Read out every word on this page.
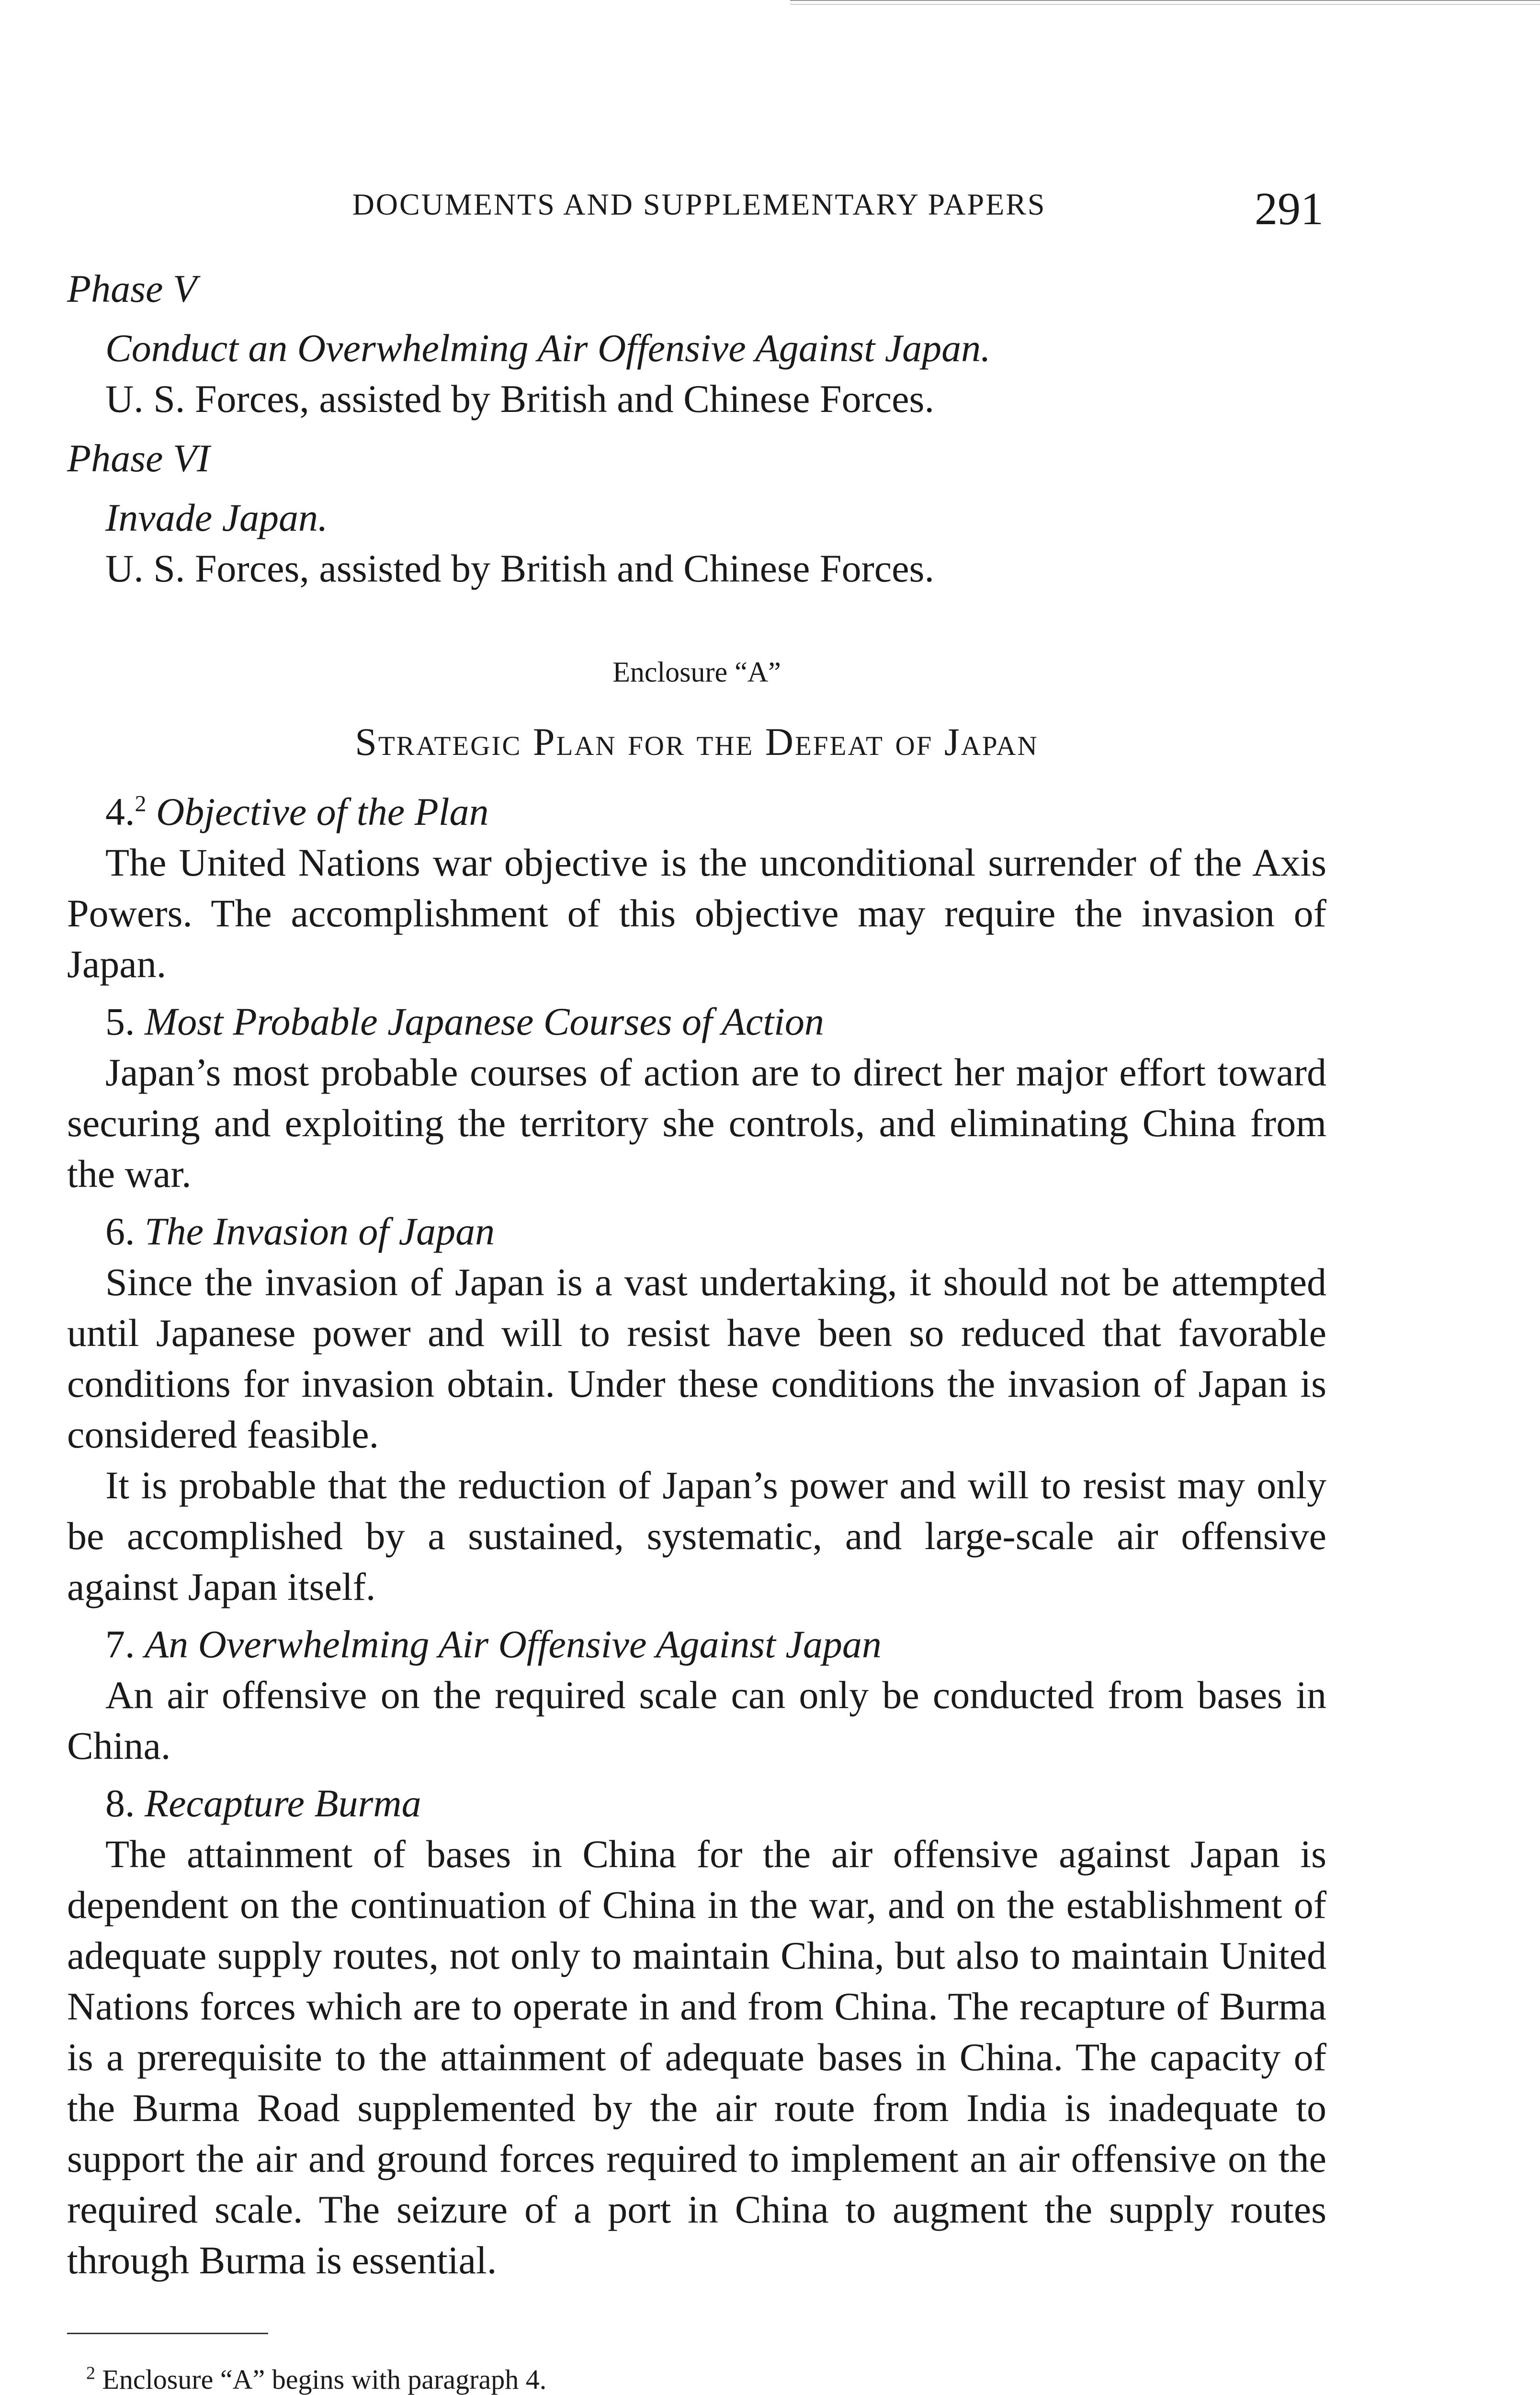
DOCUMENTS AND SUPPLEMENTARY PAPERS	291
Phase V
Conduct an Overwhelming Air Offensive Against Japan.
U. S. Forces, assisted by British and Chinese Forces.
Phase VI
Invade Japan.
U. S. Forces, assisted by British and Chinese Forces.
Enclosure “A”
Strategic Plan for the Defeat of Japan
4.$^2$ Objective of the Plan

The United Nations war objective is the unconditional surrender of the Axis Powers. The accomplishment of this objective may require the invasion of Japan.

5. Most Probable Japanese Courses of Action

Japan’s most probable courses of action are to direct her major effort toward securing and exploiting the territory she controls, and eliminating China from the war.

6. The Invasion of Japan

Since the invasion of Japan is a vast undertaking, it should not be attempted until Japanese power and will to resist have been so reduced that favorable conditions for invasion obtain. Under these conditions the invasion of Japan is considered feasible.

It is probable that the reduction of Japan’s power and will to resist may only be accomplished by a sustained, systematic, and large-scale air offensive against Japan itself.

7. An Overwhelming Air Offensive Against Japan

An air offensive on the required scale can only be conducted from bases in China.

8. Recapture Burma

The attainment of bases in China for the air offensive against Japan is dependent on the continuation of China in the war, and on the establishment of adequate supply routes, not only to maintain China, but also to maintain United Nations forces which are to operate in and from China. The recapture of Burma is a prerequisite to the attainment of adequate bases in China. The capacity of the Burma Road supplemented by the air route from India is inadequate to support the air and ground forces required to implement an air offensive on the required scale. The seizure of a port in China to augment the supply routes through Burma is essential.

$^2$ Enclosure “A” begins with paragraph 4.
